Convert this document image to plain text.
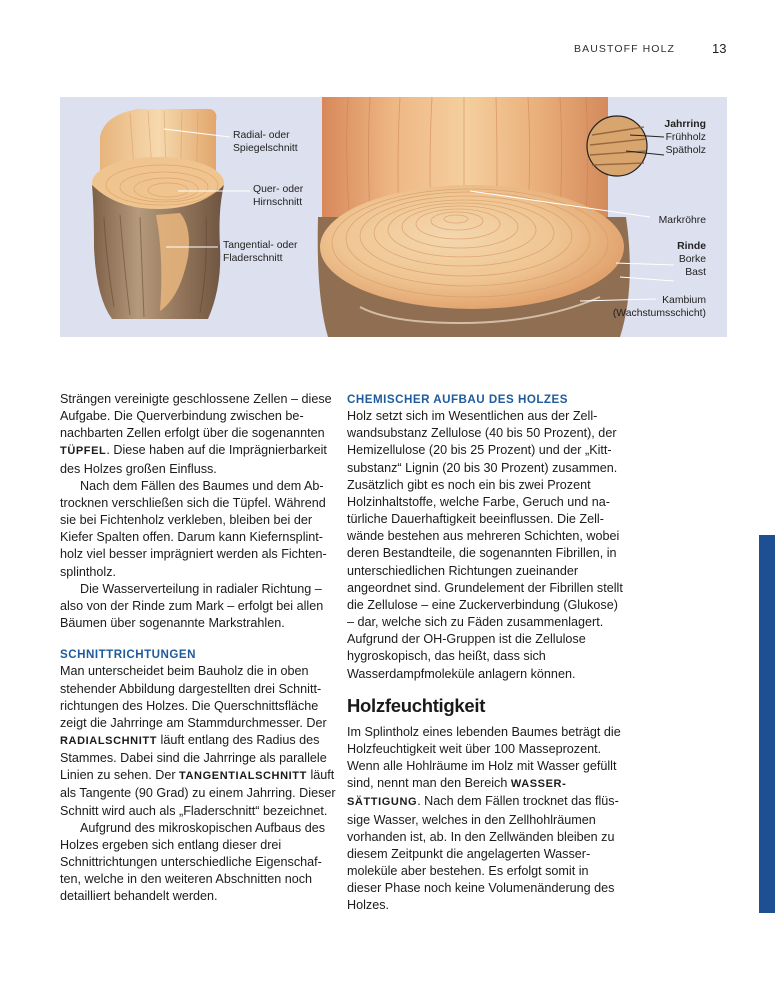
BAUSTOFF HOLZ	13
Radial- oder
Spiegelschnitt
Quer- oder
Hirnschnitt
Tangential- oder
Fladerschnitt
Jahrring
Frühholz
Spätholz
Markröhre
Rinde
Borke
Bast
Kambium
(Wachstumsschicht)

Strängen vereinigte geschlossene Zellen – diese Aufgabe. Die Querverbindung zwischen benachbarten Zellen erfolgt über die sogenannten TÜPFEL. Diese haben auf die Imprägnierbarkeit des Holzes großen Einfluss.

Nach dem Fällen des Baumes und dem Abtrocknen verschließen sich die Tüpfel. Während sie bei Fichtenholz verkleben, bleiben bei der Kiefer Spalten offen. Darum kann Kiefernsplintholz viel besser imprägniert werden als Fichtensplintholz.

Die Wasserverteilung in radialer Richtung – also von der Rinde zum Mark – erfolgt bei allen Bäumen über sogenannte Markstrahlen.

SCHNITTRICHTUNGEN

Man unterscheidet beim Bauholz die in oben stehender Abbildung dargestellten drei Schnittrichtungen des Holzes. Die Querschnittsfläche zeigt die Jahrringe am Stammdurchmesser. Der RADIALSCHNITT läuft entlang des Radius des Stammes. Dabei sind die Jahrringe als parallele Linien zu sehen. Der TANGENTIALSCHNITT läuft als Tangente (90 Grad) zu einem Jahrring. Dieser Schnitt wird auch als „Fladerschnitt“ bezeichnet.

Aufgrund des mikroskopischen Aufbaus des Holzes ergeben sich entlang dieser drei Schnittrichtungen unterschiedliche Eigenschaften, welche in den weiteren Abschnitten noch detailliert behandelt werden.

CHEMISCHER AUFBAU DES HOLZES

Holz setzt sich im Wesentlichen aus der Zellwandsubstanz Zellulose (40 bis 50 Prozent), der Hemizellulose (20 bis 25 Prozent) und der „Kittsubstanz“ Lignin (20 bis 30 Prozent) zusammen. Zusätzlich gibt es noch ein bis zwei Prozent Holzinhaltstoffe, welche Farbe, Geruch und natürliche Dauerhaftigkeit beeinflussen. Die Zellwände bestehen aus mehreren Schichten, wobei deren Bestandteile, die sogenannten Fibrillen, in unterschiedlichen Richtungen zueinander angeordnet sind. Grundelement der Fibrillen stellt die Zellulose – eine Zuckerverbindung (Glukose) – dar, welche sich zu Fäden zusammenlagert. Aufgrund der OH-Gruppen ist die Zellulose hygroskopisch, das heißt, dass sich Wasserdampfmoleküle anlagern können.

Holzfeuchtigkeit

Im Splintholz eines lebenden Baumes beträgt die Holzfeuchtigkeit weit über 100 Masseprozent. Wenn alle Hohlräume im Holz mit Wasser gefüllt sind, nennt man den Bereich WASSERSÄTTIGUNG. Nach dem Fällen trocknet das flüssige Wasser, welches in den Zellhohlräumen vorhanden ist, ab. In den Zellwänden bleiben zu diesem Zeitpunkt die angelagerten Wassermoleküle aber bestehen. Es erfolgt somit in dieser Phase noch keine Volumenänderung des Holzes.
